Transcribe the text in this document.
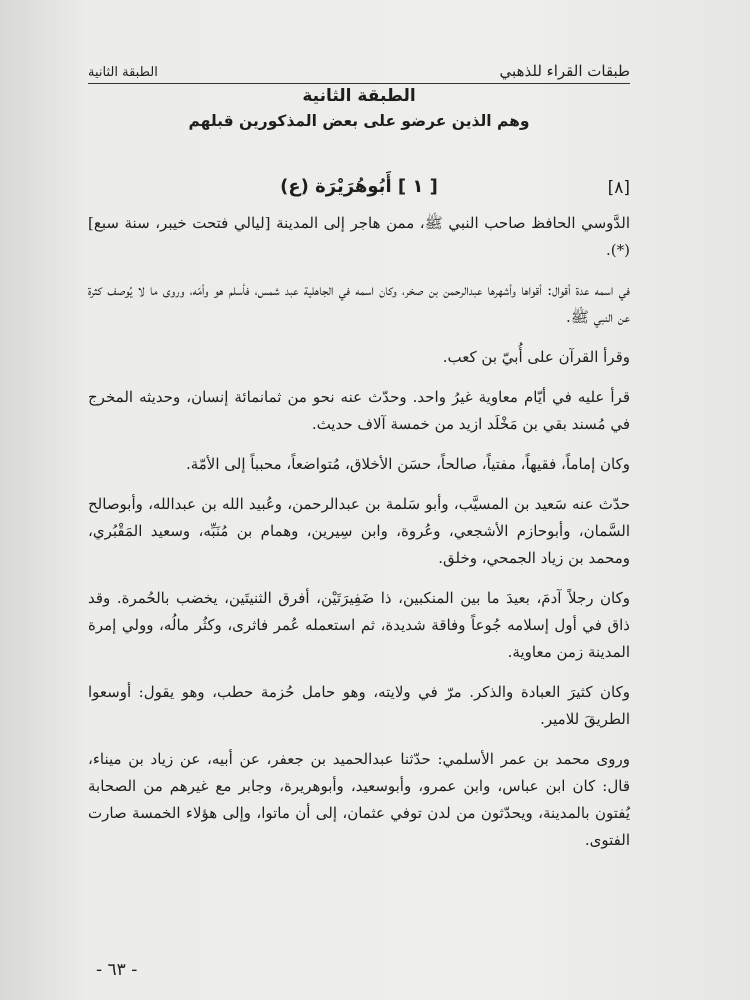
طبقات القراء للذهبي
الطبقة الثانية
الطبقة الثانية
وهم الذين عرضو على بعض المذكورين قبلهم
[٨]
[ ١ ] أَبُوهُرَيْرَة (ع)

الدَّوسي الحافظ صاحب النبي ﷺ، ممن هاجر إلى المدينة [ليالي فتحت خيبر، سنة سبع] (*).

في اسمه عدة أقوال: أقواها وأشهرها عبدالرحمن بن صخر، وكان اسمه في الجاهلية عبد شمس، فأسلم هو وأمّه، وروى ما لا يُوصف كثرة عن النبي ﷺ.

وقرأ القرآن على أُبيّ بن كعب.

قرأ عليه في أيّام معاوية غيرُ واحد. وحدّث عنه نحو من ثمانمائة إنسان، وحديثه المخرج في مُسند بقي بن مَخْلَد ازيد من خمسة آلاف حديث.

وكان إماماً، فقيهاً، مفتياً، صالحاً، حسَن الأخلاق، مُتواضعاً، محبباً إلى الأمّة.

حدّث عنه سَعيد بن المسيَّب، وأبو سَلمة بن عبدالرحمن، وعُبيد الله بن عبدالله، وأبوصالح السَّمان، وأبوحازم الأشجعي، وعُروة، وابن سِيرين، وهمام بن مُنَبِّه، وسعيد المَقْبُري، ومحمد بن زياد الجمحي، وخلق.

وكان رجلاً آدمَ، بعيدَ ما بين المنكبين، ذا ضَفِيرَتَيْن، أفرق الثنيتَين، يخضب بالحُمرة. وقد ذاق في أول إسلامه جُوعاً وفاقة شديدة، ثم استعمله عُمر فاثرى، وكثُر مالُه، وولي إمرة المدينة زمن معاوية.

وكان كثيرَ العبادة والذكر. مرّ في ولايته، وهو حامل حُزمة حطب، وهو يقول: أوسعوا الطريقَ للامير.

وروى محمد بن عمر الأسلمي: حدّثنا عبدالحميد بن جعفر، عن أبيه، عن زياد بن ميناء، قال: كان ابن عباس، وابن عمرو، وأبوسعيد، وأبوهريرة، وجابر مع غيرهم من الصحابة يُفتون بالمدينة، ويحدّثون من لدن توفي عثمان، إلى أن ماتوا، وإلى هؤلاء الخمسة صارت الفتوى.

- ٦٣ -
